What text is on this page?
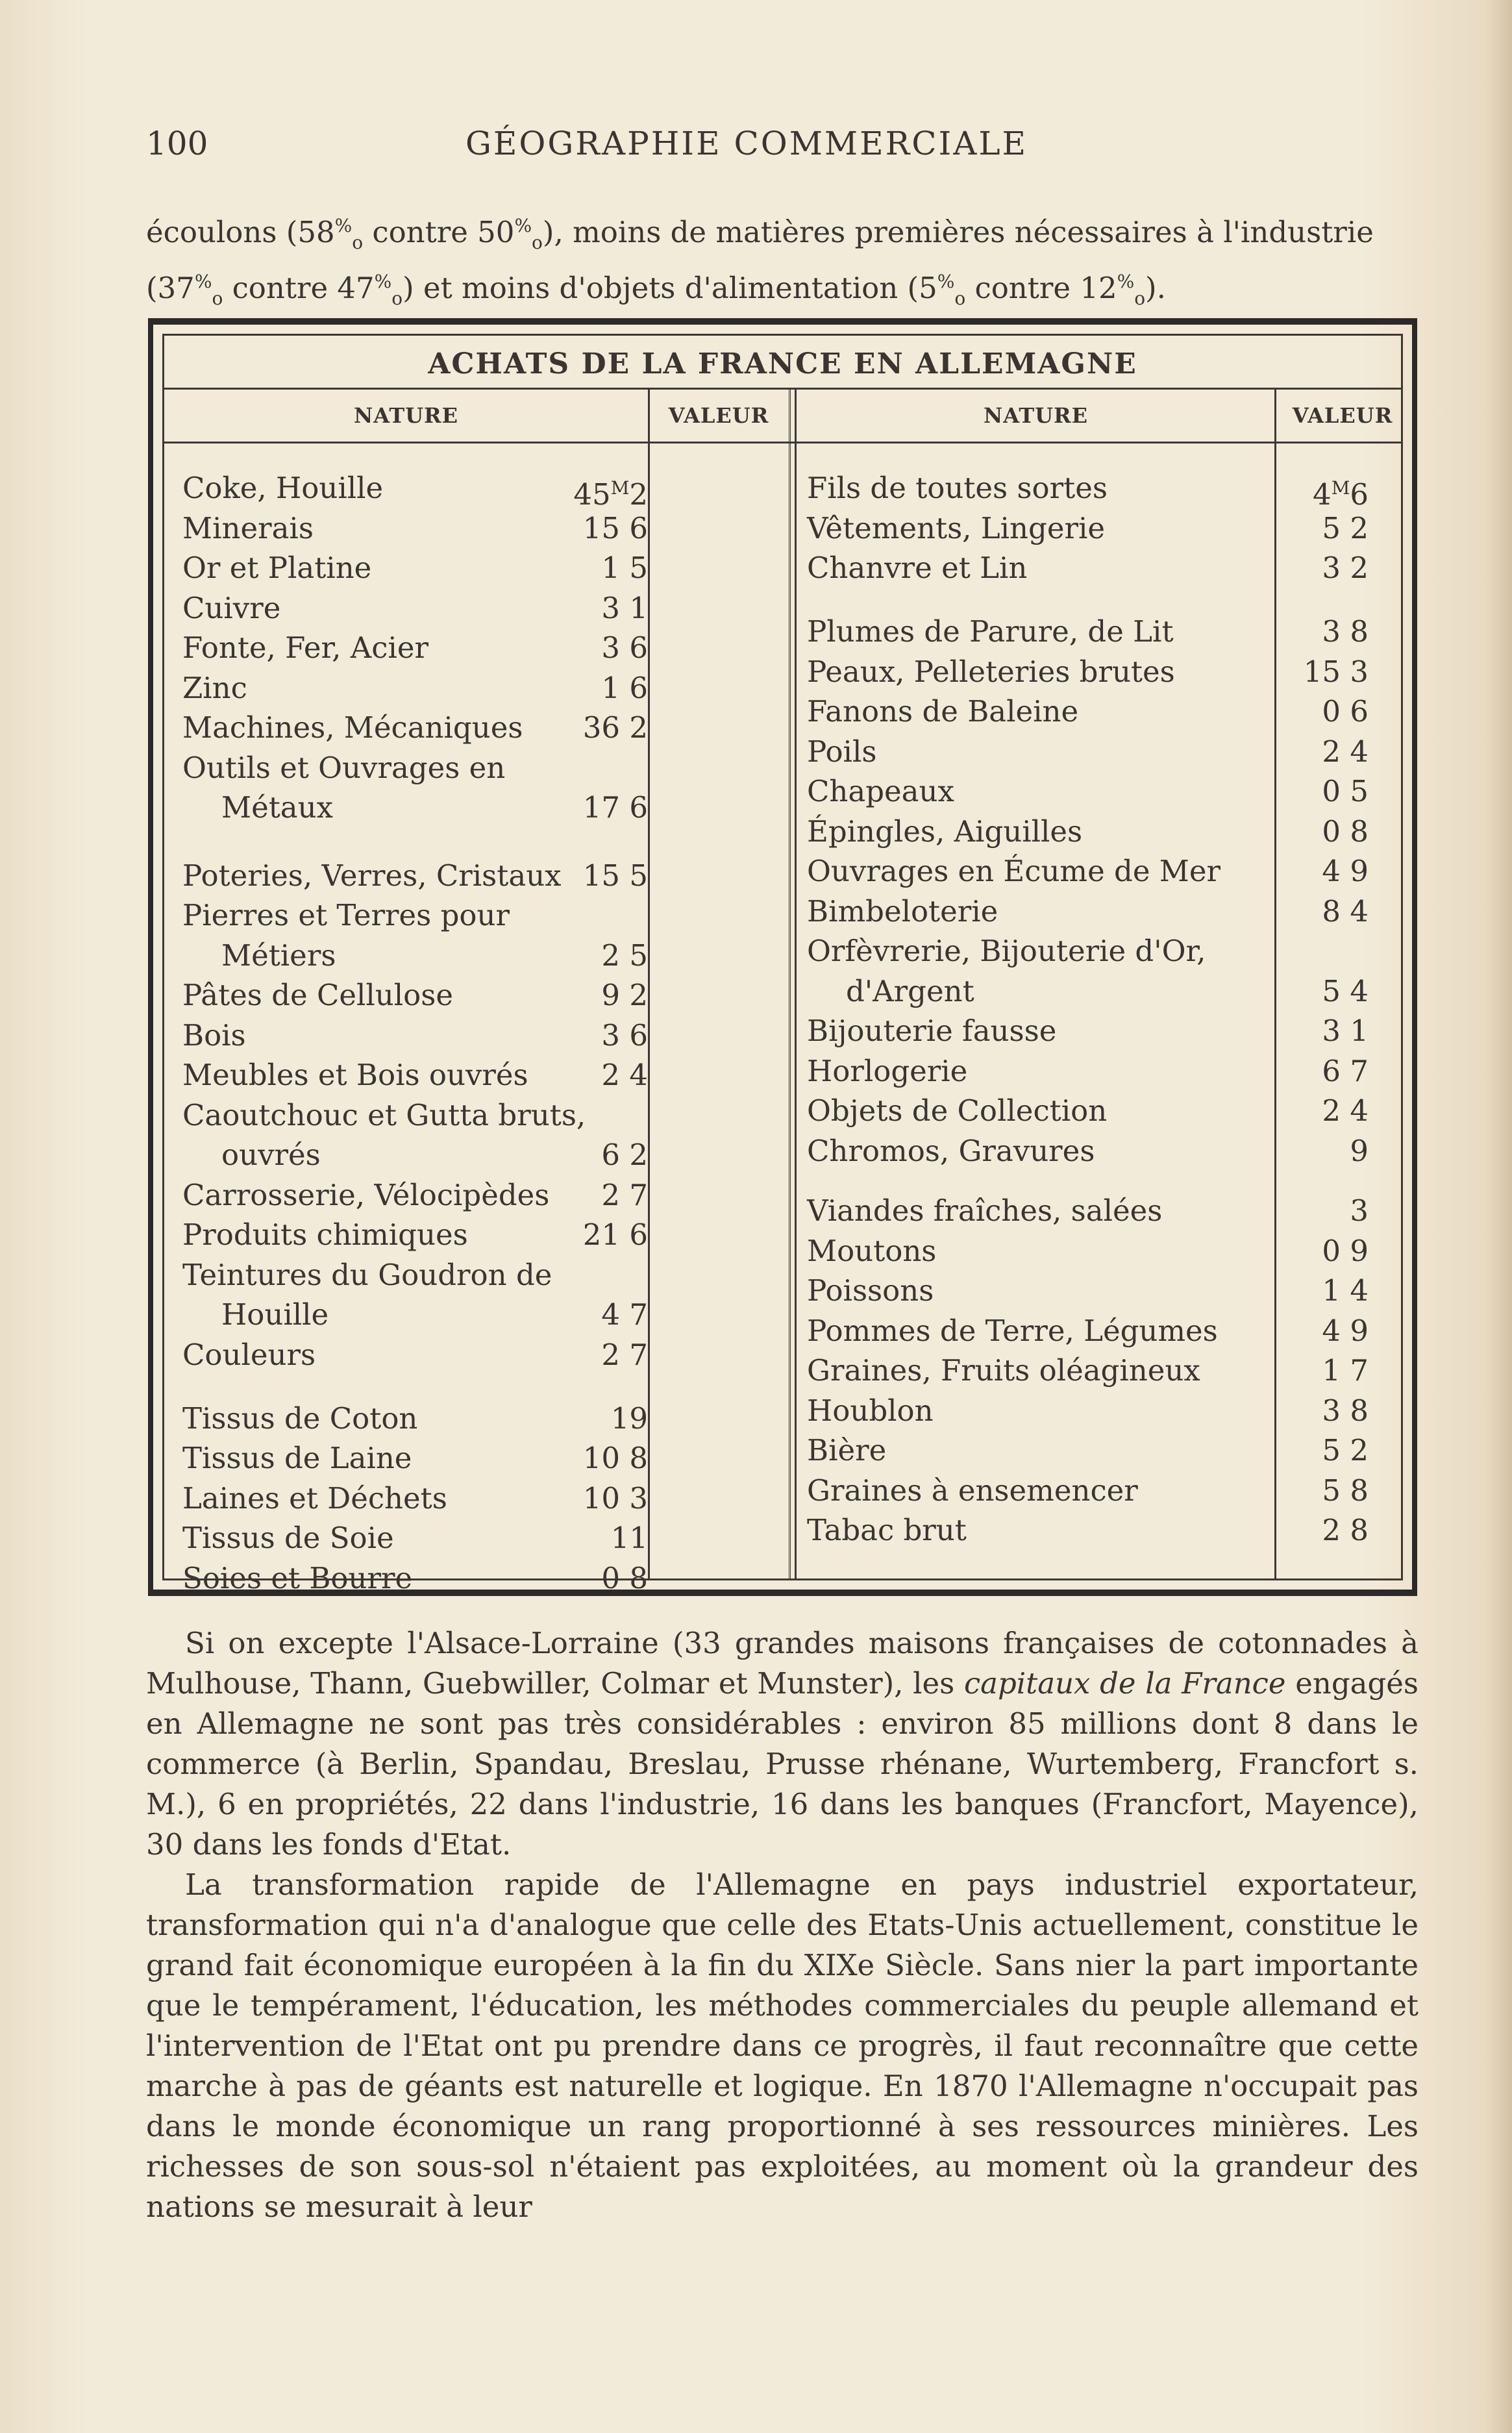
100	GÉOGRAPHIE COMMERCIALE
écoulons ($58^{\%}_o$ contre $50^{\%}_o$), moins de matières premières nécessaires à l'industrie
($37^{\%}_o$ contre $47^{\%}_o$) et moins d'objets d'alimentation ($5^{\%}_o$ contre $12^{\%}_o$).
ACHATS DE LA FRANCE EN ALLEMAGNE
NATURE	VALEUR	NATURE	VALEUR
Coke, Houille	$45^M2$
Minerais	15 6
Or et Platine	1 5
Cuivre	3 1
Fonte, Fer, Acier	3 6
Zinc	1 6
Machines, Mécaniques	36 2
Outils et Ouvrages en
Métaux	17 6
Poteries, Verres, Cristaux 15 5
Pierres et Terres pour
Métiers	2 5
Pâtes de Cellulose	9 2
Bois	3 6
Meubles et Bois ouvrés	2 4
Caoutchouc et Gutta bruts,
ouvrés	6 2
Carrosserie, Vélocipèdes	2 7
Produits chimiques	21 6
Teintures du Goudron de
Houille	4 7
Couleurs	2 7
Tissus de Coton	19
Tissus de Laine	10 8
Laines et Déchets	10 3
Tissus de Soie	11
Soies et Bourre	0 8
Fils de toutes sortes	$4^M6$
Vêtements, Lingerie	5 2
Chanvre et Lin	3 2
Plumes de Parure, de Lit	3 8
Peaux, Pelleteries brutes	15 3
Fanons de Baleine	0 6
Poils	2 4
Chapeaux	0 5
Épingles, Aiguilles	0 8
Ouvrages en Écume de Mer	4 9
Bimbeloterie	8 4
Orfèvrerie, Bijouterie d'Or,
d'Argent	5 4
Bijouterie fausse	3 1
Horlogerie	6 7
Objets de Collection	2 4
Chromos, Gravures	9
Viandes fraîches, salées	3
Moutons	0 9
Poissons	1 4
Pommes de Terre, Légumes	4 9
Graines, Fruits oléagineux	1 7
Houblon	3 8
Bière	5 2
Graines à ensemencer	5 8
Tabac brut	2 8

Si on excepte l'Alsace-Lorraine (33 grandes maisons françaises de cotonnades à Mulhouse, Thann, Guebwiller, Colmar et Munster), les capitaux de la France engagés en Allemagne ne sont pas très considérables : environ 85 millions dont 8 dans le commerce (à Berlin, Spandau, Breslau, Prusse rhénane, Wurtemberg, Francfort s. M.), 6 en propriétés, 22 dans l'industrie, 16 dans les banques (Francfort, Mayence), 30 dans les fonds d'Etat.

La transformation rapide de l'Allemagne en pays industriel exportateur, transformation qui n'a d'analogue que celle des Etats-Unis actuellement, constitue le grand fait économique européen à la fin du XIXe Siècle. Sans nier la part importante que le tempérament, l'éducation, les méthodes commerciales du peuple allemand et l'intervention de l'Etat ont pu prendre dans ce progrès, il faut reconnaître que cette marche à pas de géants est naturelle et logique. En 1870 l'Allemagne n'occupait pas dans le monde économique un rang proportionné à ses ressources minières. Les richesses de son sous-sol n'étaient pas exploitées, au moment où la grandeur des nations se mesurait à leur
